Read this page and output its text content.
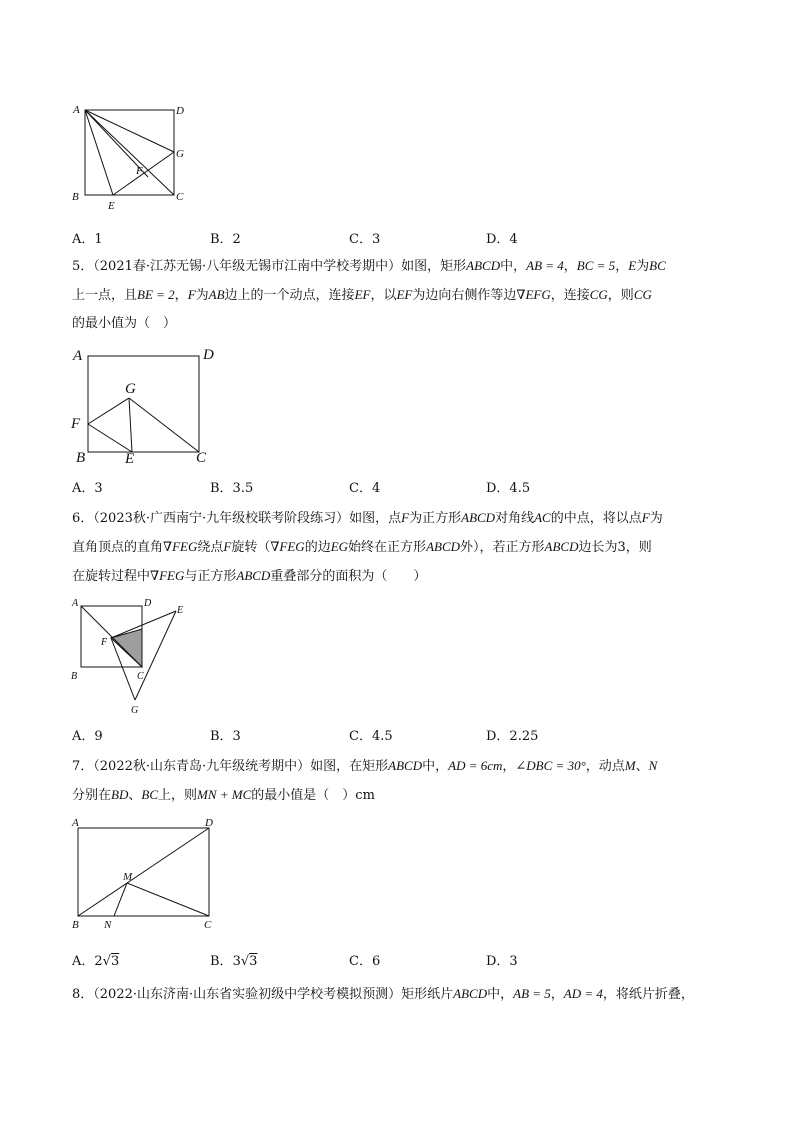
A	D
G
F
B
E
C
A．1	B．2	C．3	D．4

5．（2021春·江苏无锡·八年级无锡市江南中学校考期中）如图，矩形ABCD中，AB = 4，BC = 5，E为BC

上一点，且BE = 2，F为AB边上的一个动点，连接EF，以EF为边向右侧作等边∇EFG，连接CG，则CG

的最小值为（　）

A	D
G
F
B	E	C
A．3	B．3.5	C．4	D．4.5

6．（2023秋·广西南宁·九年级校联考阶段练习）如图，点F为正方形ABCD对角线AC的中点，将以点F为

直角顶点的直角∇FEG绕点F旋转（∇FEG的边EG始终在正方形ABCD外），若正方形ABCD边长为3，则

在旋转过程中∇FEG与正方形ABCD重叠部分的面积为（　　）

A	D
E
F
B	C
G
A．9	B．3	C．4.5	D．2.25

7．（2022秋·山东青岛·九年级统考期中）如图，在矩形ABCD中，AD = 6cm，∠DBC = 30°，动点M、N

分别在BD、BC上，则MN + MC的最小值是（　）cm

A	D
M
B N	C
A．2√3	B．3√3	C．6	D．3

8．（2022·山东济南·山东省实验初级中学校考模拟预测）矩形纸片ABCD中，AB = 5，AD = 4，将纸片折叠，
